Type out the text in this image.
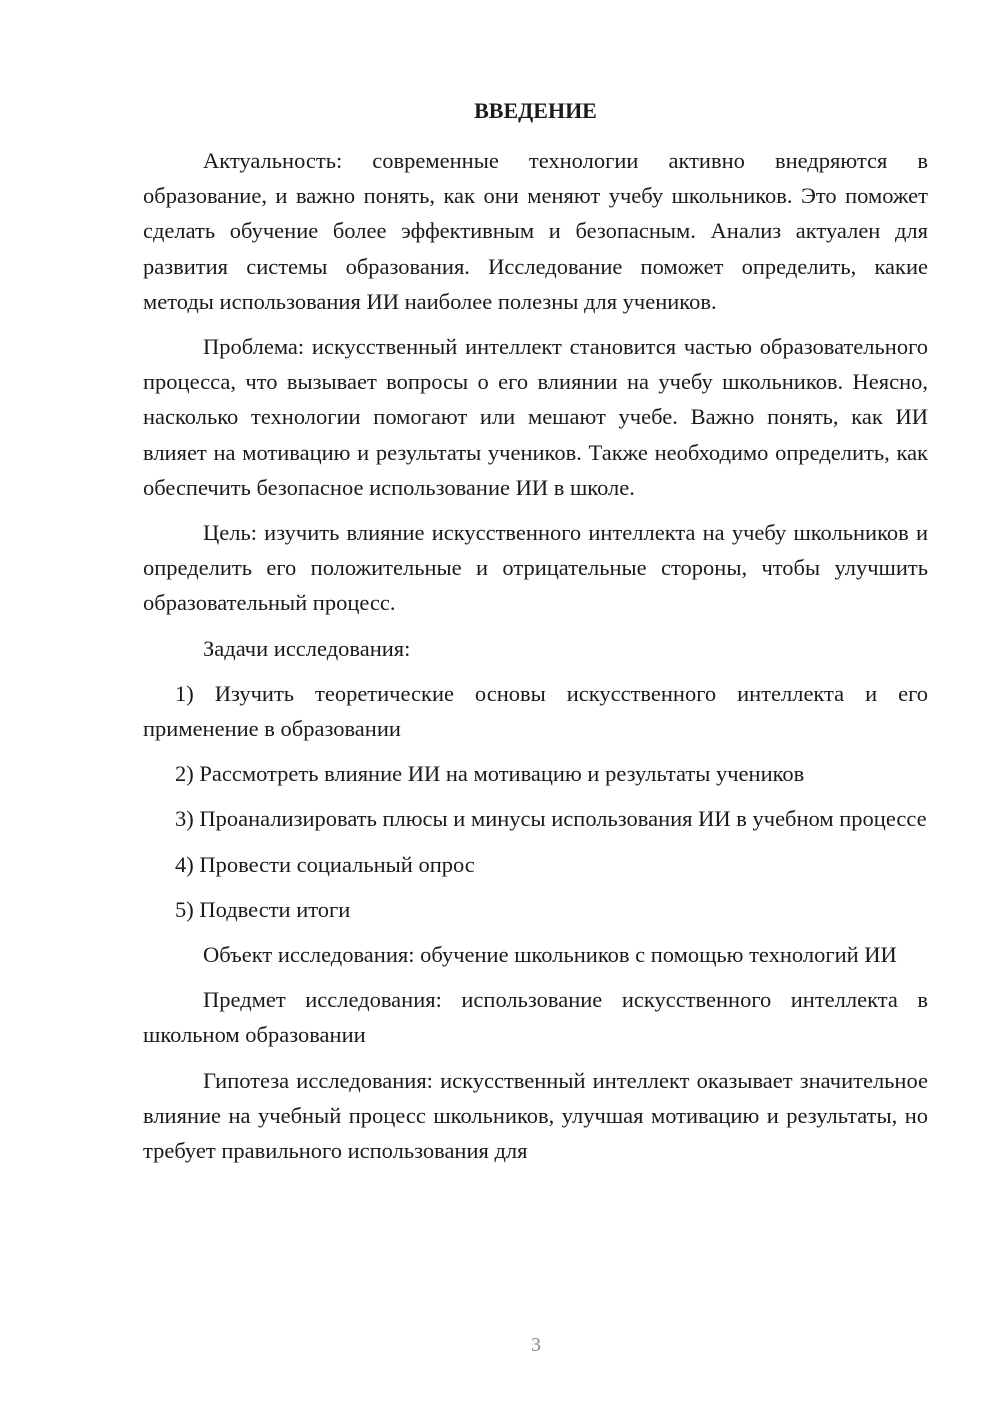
ВВЕДЕНИЕ

Актуальность: современные технологии активно внедряются в образование, и важно понять, как они меняют учебу школьников. Это поможет сделать обучение более эффективным и безопасным. Анализ актуален для развития системы образования. Исследование поможет определить, какие методы использования ИИ наиболее полезны для учеников.

Проблема: искусственный интеллект становится частью образовательного процесса, что вызывает вопросы о его влиянии на учебу школьников. Неясно, насколько технологии помогают или мешают учебе. Важно понять, как ИИ влияет на мотивацию и результаты учеников. Также необходимо определить, как обеспечить безопасное использование ИИ в школе.

Цель: изучить влияние искусственного интеллекта на учебу школьников и определить его положительные и отрицательные стороны, чтобы улучшить образовательный процесс.

Задачи исследования:

1) Изучить теоретические основы искусственного интеллекта и его применение в образовании

2) Рассмотреть влияние ИИ на мотивацию и результаты учеников

3) Проанализировать плюсы и минусы использования ИИ в учебном процессе

4) Провести социальный опрос

5) Подвести итоги

Объект исследования: обучение школьников с помощью технологий ИИ

Предмет исследования: использование искусственного интеллекта в школьном образовании

Гипотеза исследования: искусственный интеллект оказывает значительное влияние на учебный процесс школьников, улучшая мотивацию и результаты, но требует правильного использования для

3
